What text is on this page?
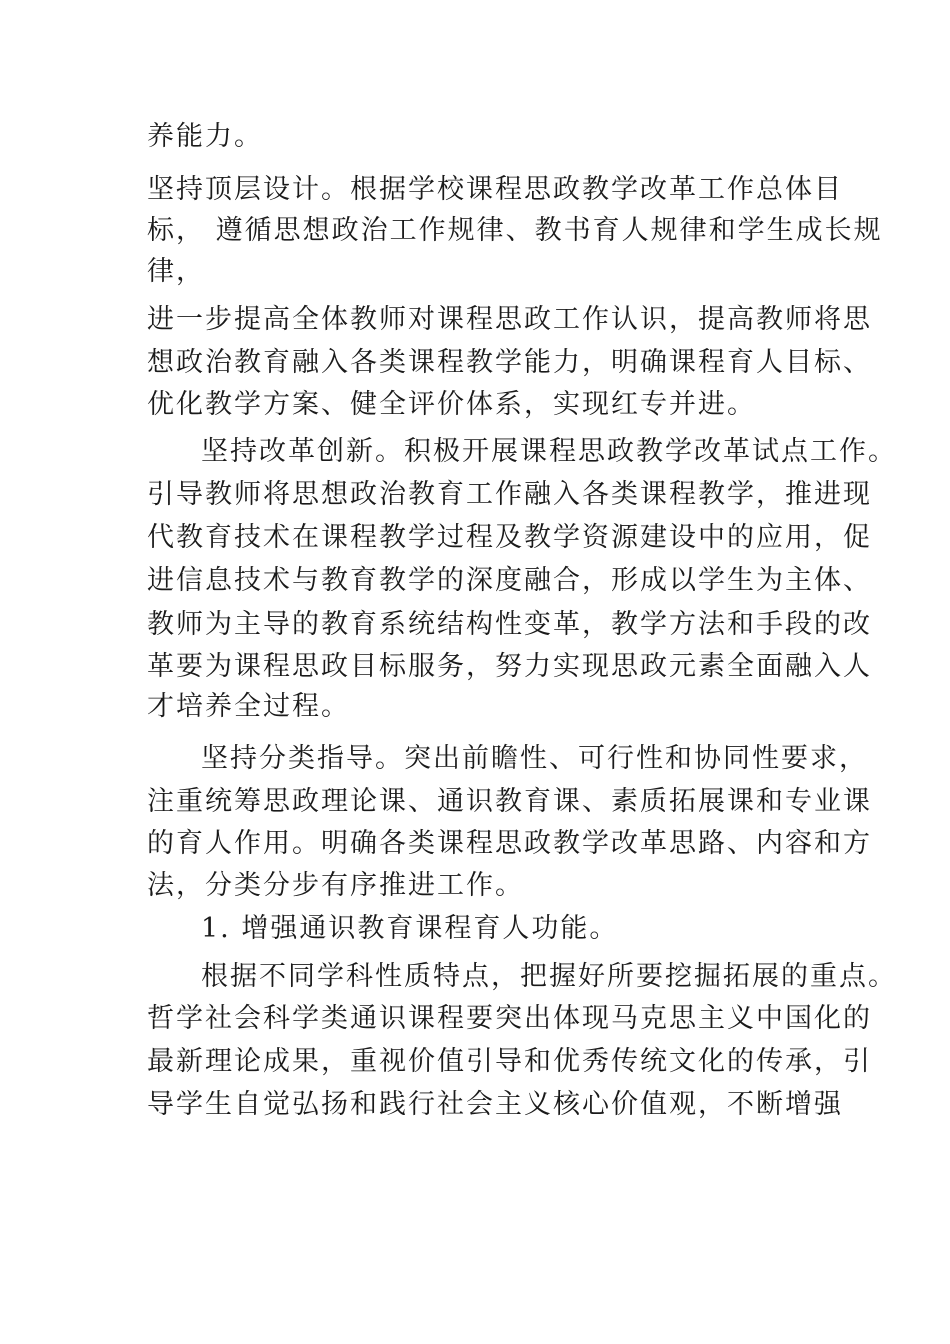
养能力。
坚持顶层设计。根据学校课程思政教学改革工作总体目
标， 遵循思想政治工作规律、教书育人规律和学生成长规
律，
进一步提高全体教师对课程思政工作认识，提高教师将思
想政治教育融入各类课程教学能力，明确课程育人目标、
优化教学方案、健全评价体系，实现红专并进。
坚持改革创新。积极开展课程思政教学改革试点工作。
引导教师将思想政治教育工作融入各类课程教学，推进现
代教育技术在课程教学过程及教学资源建设中的应用，促
进信息技术与教育教学的深度融合，形成以学生为主体、
教师为主导的教育系统结构性变革，教学方法和手段的改
革要为课程思政目标服务，努力实现思政元素全面融入人
才培养全过程。
坚持分类指导。突出前瞻性、可行性和协同性要求，
注重统筹思政理论课、通识教育课、素质拓展课和专业课
的育人作用。明确各类课程思政教学改革思路、内容和方
法，分类分步有序推进工作。
1. 增强通识教育课程育人功能。
根据不同学科性质特点，把握好所要挖掘拓展的重点。
哲学社会科学类通识课程要突出体现马克思主义中国化的
最新理论成果，重视价值引导和优秀传统文化的传承，引
导学生自觉弘扬和践行社会主义核心价值观，不断增强
